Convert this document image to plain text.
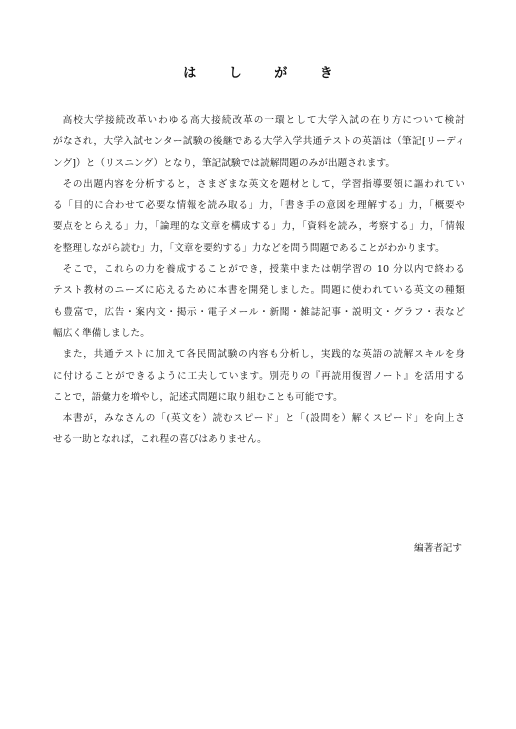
は し が き

高校大学接続改革いわゆる高大接続改革の一環として大学入試の在り方について検討
がなされ，大学入試センター試験の後継である大学入学共通テストの英語は（筆記[リーディ
ング]）と（リスニング）となり，筆記試験では読解問題のみが出題されます。

その出題内容を分析すると，さまざまな英文を題材として，学習指導要領に謳われてい
る「目的に合わせて必要な情報を読み取る」力，「書き手の意図を理解する」力，「概要や
要点をとらえる」力，「論理的な文章を構成する」力，「資料を読み，考察する」力，「情報
を整理しながら読む」力，「文章を要約する」力などを問う問題であることがわかります。

そこで，これらの力を養成することができ，授業中または朝学習の 10 分以内で終わる
テスト教材のニーズに応えるために本書を開発しました。問題に使われている英文の種類
も豊富で，広告・案内文・掲示・電子メール・新聞・雑誌記事・説明文・グラフ・表など
幅広く準備しました。

また，共通テストに加えて各民間試験の内容も分析し，実践的な英語の読解スキルを身
に付けることができるように工夫しています。別売りの『再読用復習ノート』を活用する
ことで，語彙力を増やし，記述式問題に取り組むことも可能です。

本書が，みなさんの「(英文を）読むスピード」と「(設問を）解くスピード」を向上さ
せる一助となれば，これ程の喜びはありません。

編著者記す
